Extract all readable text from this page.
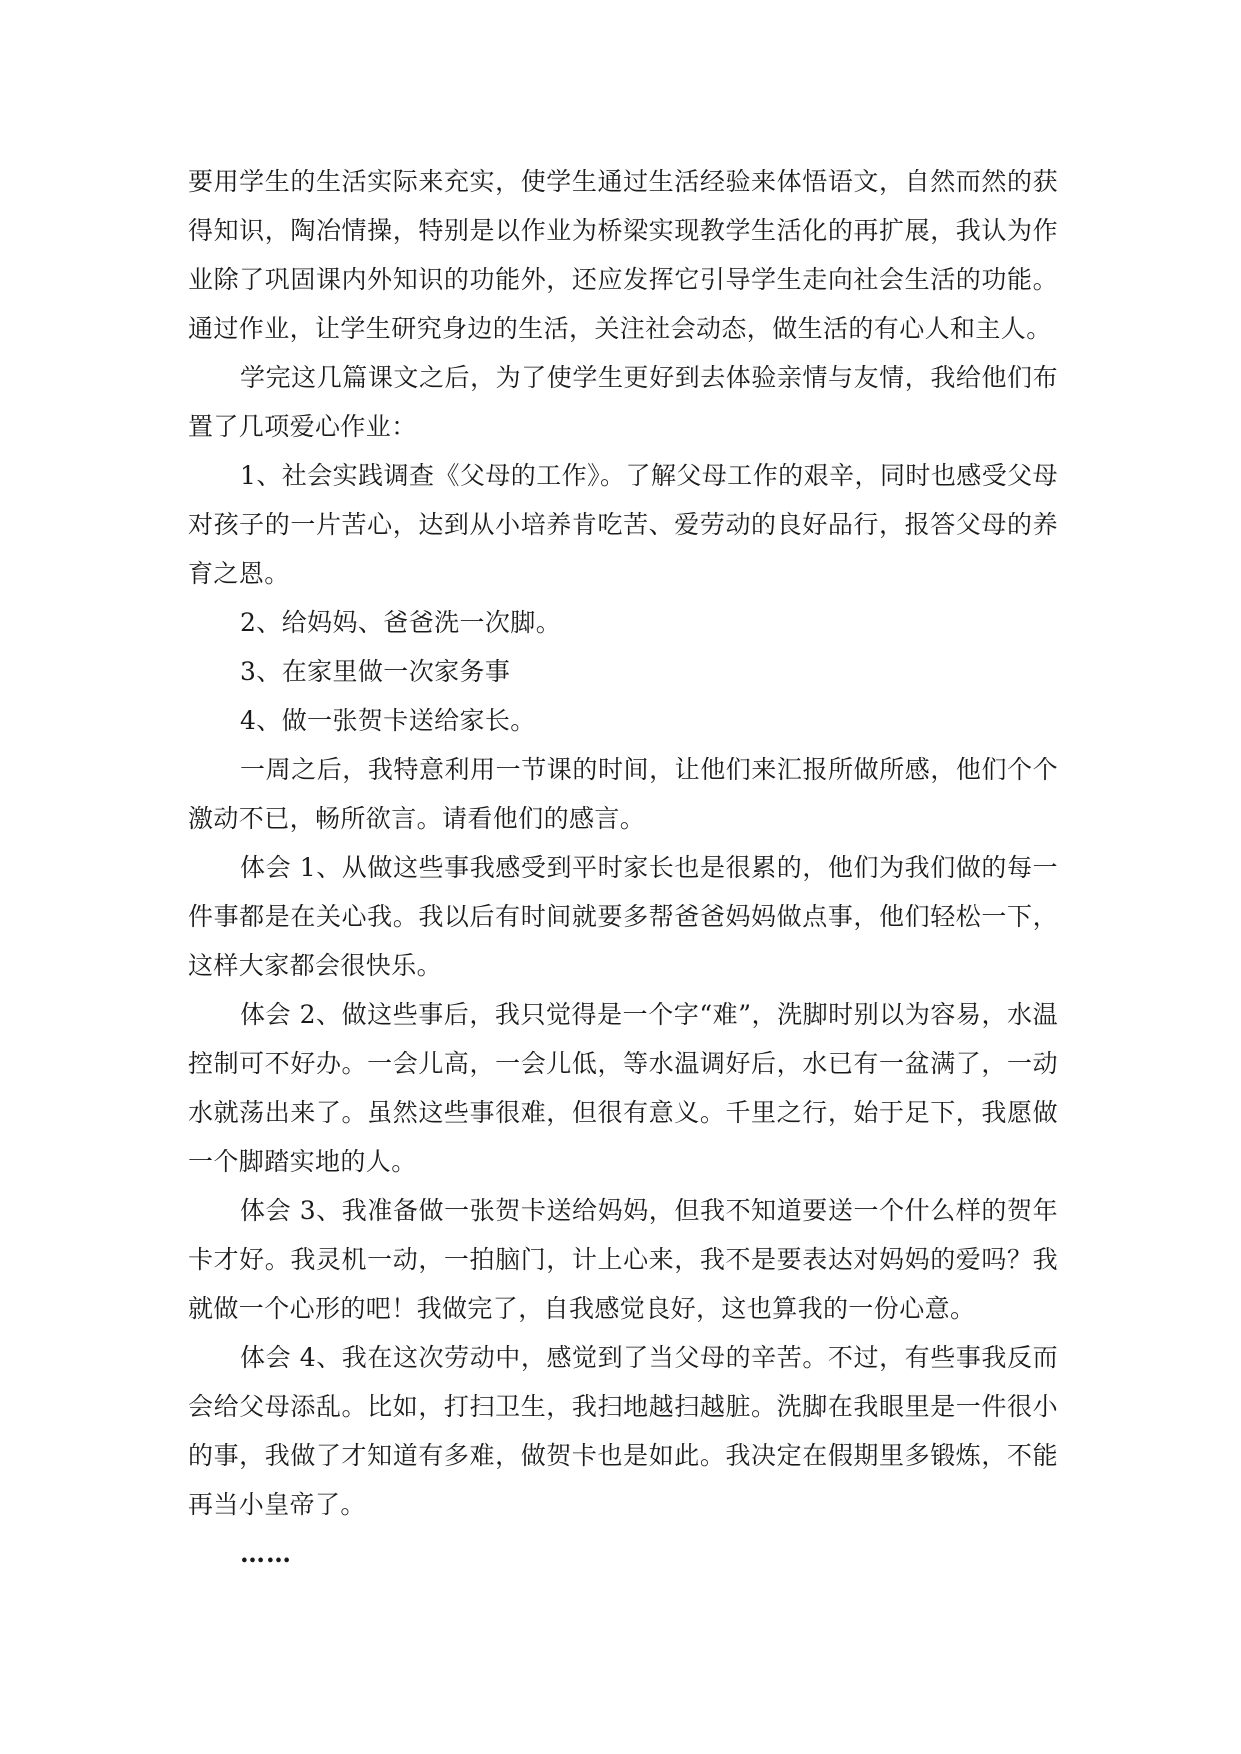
要用学生的生活实际来充实，使学生通过生活经验来体悟语文，自然而然的获得知识，陶冶情操，特别是以作业为桥梁实现教学生活化的再扩展，我认为作业除了巩固课内外知识的功能外，还应发挥它引导学生走向社会生活的功能。通过作业，让学生研究身边的生活，关注社会动态，做生活的有心人和主人。

学完这几篇课文之后，为了使学生更好到去体验亲情与友情，我给他们布置了几项爱心作业：

1、社会实践调查《父母的工作》。了解父母工作的艰辛，同时也感受父母对孩子的一片苦心，达到从小培养肯吃苦、爱劳动的良好品行，报答父母的养育之恩。

2、给妈妈、爸爸洗一次脚。

3、在家里做一次家务事

4、做一张贺卡送给家长。

一周之后，我特意利用一节课的时间，让他们来汇报所做所感，他们个个激动不已，畅所欲言。请看他们的感言。

体会 1、从做这些事我感受到平时家长也是很累的，他们为我们做的每一件事都是在关心我。我以后有时间就要多帮爸爸妈妈做点事，他们轻松一下，这样大家都会很快乐。

体会 2、做这些事后，我只觉得是一个字“难”，洗脚时别以为容易，水温控制可不好办。一会儿高，一会儿低，等水温调好后，水已有一盆满了，一动水就荡出来了。虽然这些事很难，但很有意义。千里之行，始于足下，我愿做一个脚踏实地的人。

体会 3、我准备做一张贺卡送给妈妈，但我不知道要送一个什么样的贺年卡才好。我灵机一动，一拍脑门，计上心来，我不是要表达对妈妈的爱吗？我就做一个心形的吧！我做完了，自我感觉良好，这也算我的一份心意。

体会 4、我在这次劳动中，感觉到了当父母的辛苦。不过，有些事我反而会给父母添乱。比如，打扫卫生，我扫地越扫越脏。洗脚在我眼里是一件很小的事，我做了才知道有多难，做贺卡也是如此。我决定在假期里多锻炼，不能再当小皇帝了。

……
